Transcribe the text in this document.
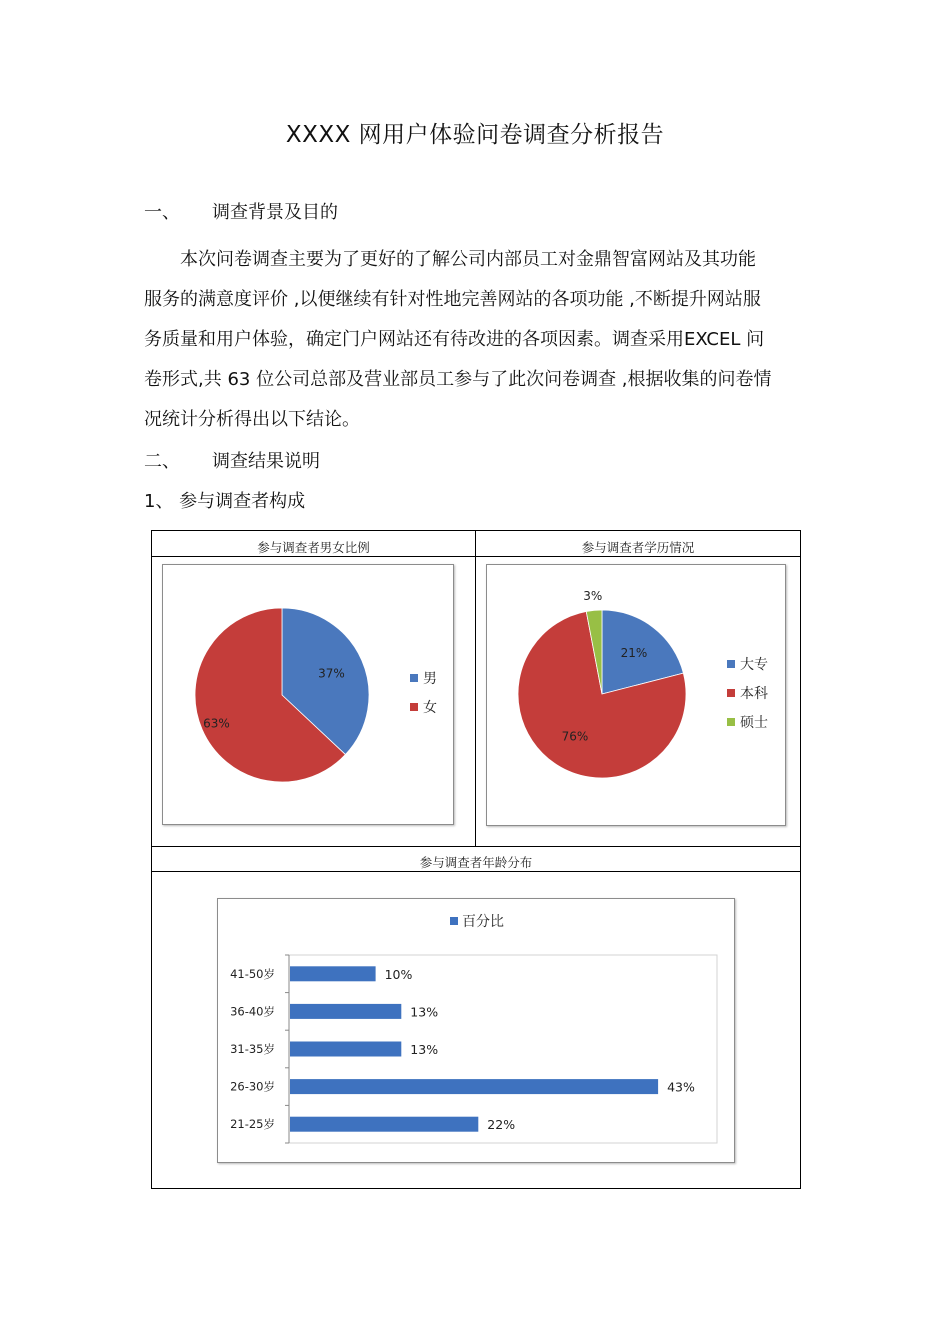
XXXX 网用户体验问卷调查分析报告
一、 调查背景及目的
本次问卷调查主要为了更好的了解公司内部员工对金鼎智富网站及其功能
服务的满意度评价 ,以便继续有针对性地完善网站的各项功能 ,不断提升网站服
务质量和用户体验，确定门户网站还有待改进的各项因素。调查采用EXCEL 问
卷形式,共 63 位公司总部及营业部员工参与了此次问卷调查 ,根据收集的问卷情
况统计分析得出以下结论。
二、 调查结果说明
1、 参与调查者构成
参与调查者男女比例	参与调查者学历情况
参与调查者年龄分布
37%
63%
男
女
21%
76%
3%
大专
本科
硕士
百分比
41-50岁	10%
36-40岁	13%
31-35岁	13%
26-30岁	43%
21-25岁	22%
